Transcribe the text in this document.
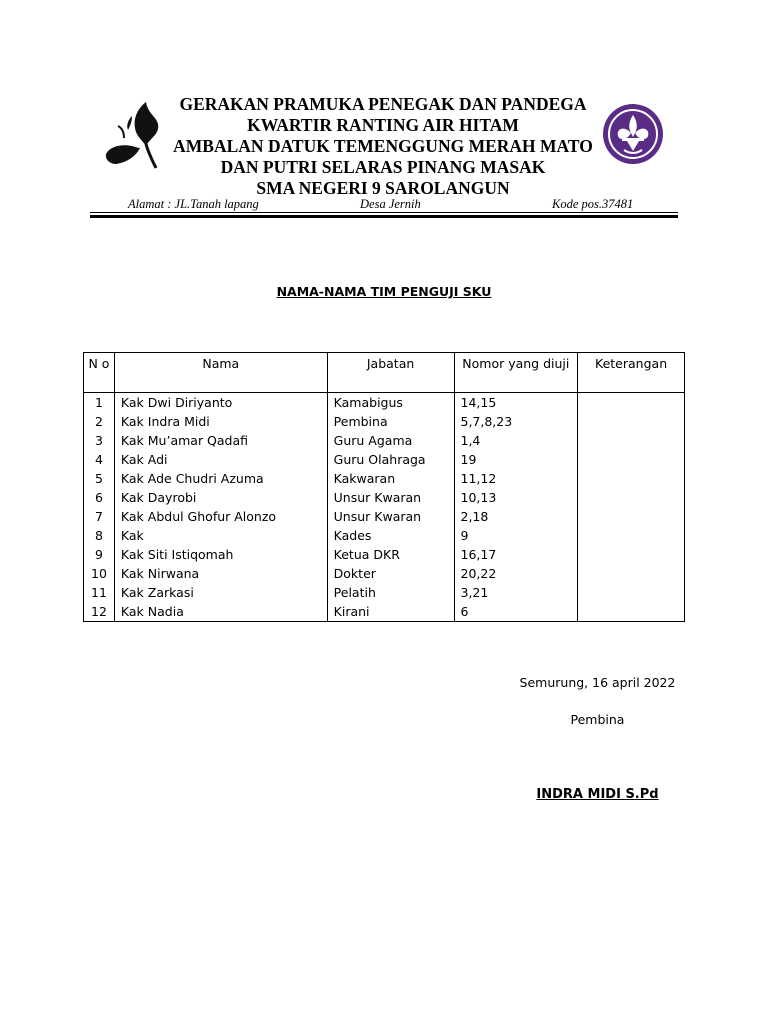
GERAKAN PRAMUKA PENEGAK DAN PANDEGA
KWARTIR RANTING AIR HITAM
AMBALAN DATUK TEMENGGUNG MERAH MATO
DAN PUTRI SELARAS PINANG MASAK
SMA NEGERI 9 SAROLANGUN
Alamat : JL.Tanah lapang	Desa Jernih	Kode pos.37481
NAMA-NAMA TIM PENGUJI SKU
N o	Nama	Jabatan	Nomor yang diuji	Keterangan
1	Kak Dwi Diriyanto	Kamabigus	14,15	
2	Kak Indra Midi	Pembina	5,7,8,23	
3	Kak Mu’amar Qadafi	Guru Agama	1,4	
4	Kak Adi	Guru Olahraga	19	
5	Kak Ade Chudri Azuma	Kakwaran	11,12	
6	Kak Dayrobi	Unsur Kwaran	10,13	
7	Kak Abdul Ghofur Alonzo	Unsur Kwaran	2,18	
8	Kak	Kades	9	
9	Kak Siti Istiqomah	Ketua DKR	16,17	
10	Kak Nirwana	Dokter	20,22	
11	Kak Zarkasi	Pelatih	3,21	
12	Kak Nadia	Kirani	6	
Semurung, 16 april 2022
Pembina
INDRA MIDI S.Pd
